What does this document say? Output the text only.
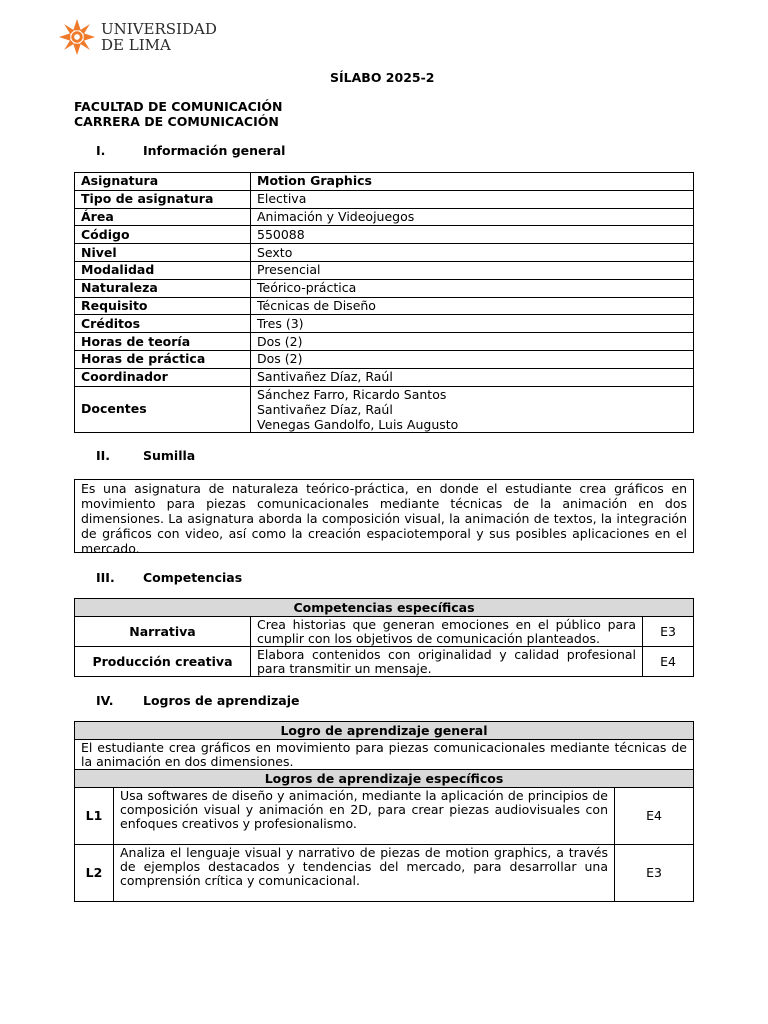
UNIVERSIDAD
DE LIMA
SÍLABO 2025-2
FACULTAD DE COMUNICACIÓN
CARRERA DE COMUNICACIÓN
I.	Información general
Asignatura	Motion Graphics
Tipo de asignatura	Electiva
Área	Animación y Videojuegos
Código	550088
Nivel	Sexto
Modalidad	Presencial
Naturaleza	Teórico-práctica
Requisito	Técnicas de Diseño
Créditos	Tres (3)
Horas de teoría	Dos (2)
Horas de práctica	Dos (2)
Coordinador	Santivañez Díaz, Raúl
Docentes	Sánchez Farro, Ricardo Santos
Santivañez Díaz, Raúl
Venegas Gandolfo, Luis Augusto
II.	Sumilla
Es una asignatura de naturaleza teórico-práctica, en donde el estudiante crea gráficos en movimiento para piezas comunicacionales mediante técnicas de la animación en dos dimensiones. La asignatura aborda la composición visual, la animación de textos, la integración de gráficos con video, así como la creación espaciotemporal y sus posibles aplicaciones en el mercado.
III. Competencias
Competencias específicas		
Narrativa	Crea historias que generan emociones en el público para cumplir con los objetivos de comunicación planteados.	E3
Producción creativa	Elabora contenidos con originalidad y calidad profesional para transmitir un mensaje.	E4
IV. Logros de aprendizaje
Logro de aprendizaje general		
El estudiante crea gráficos en movimiento para piezas comunicacionales mediante técnicas de la animación en dos dimensiones.		
Logros de aprendizaje específicos		
L1	Usa softwares de diseño y animación, mediante la aplicación de principios de composición visual y animación en 2D, para crear piezas audiovisuales con enfoques creativos y profesionalismo.	E4
L2	Analiza el lenguaje visual y narrativo de piezas de motion graphics, a través de ejemplos destacados y tendencias del mercado, para desarrollar una comprensión crítica y comunicacional.	E3
